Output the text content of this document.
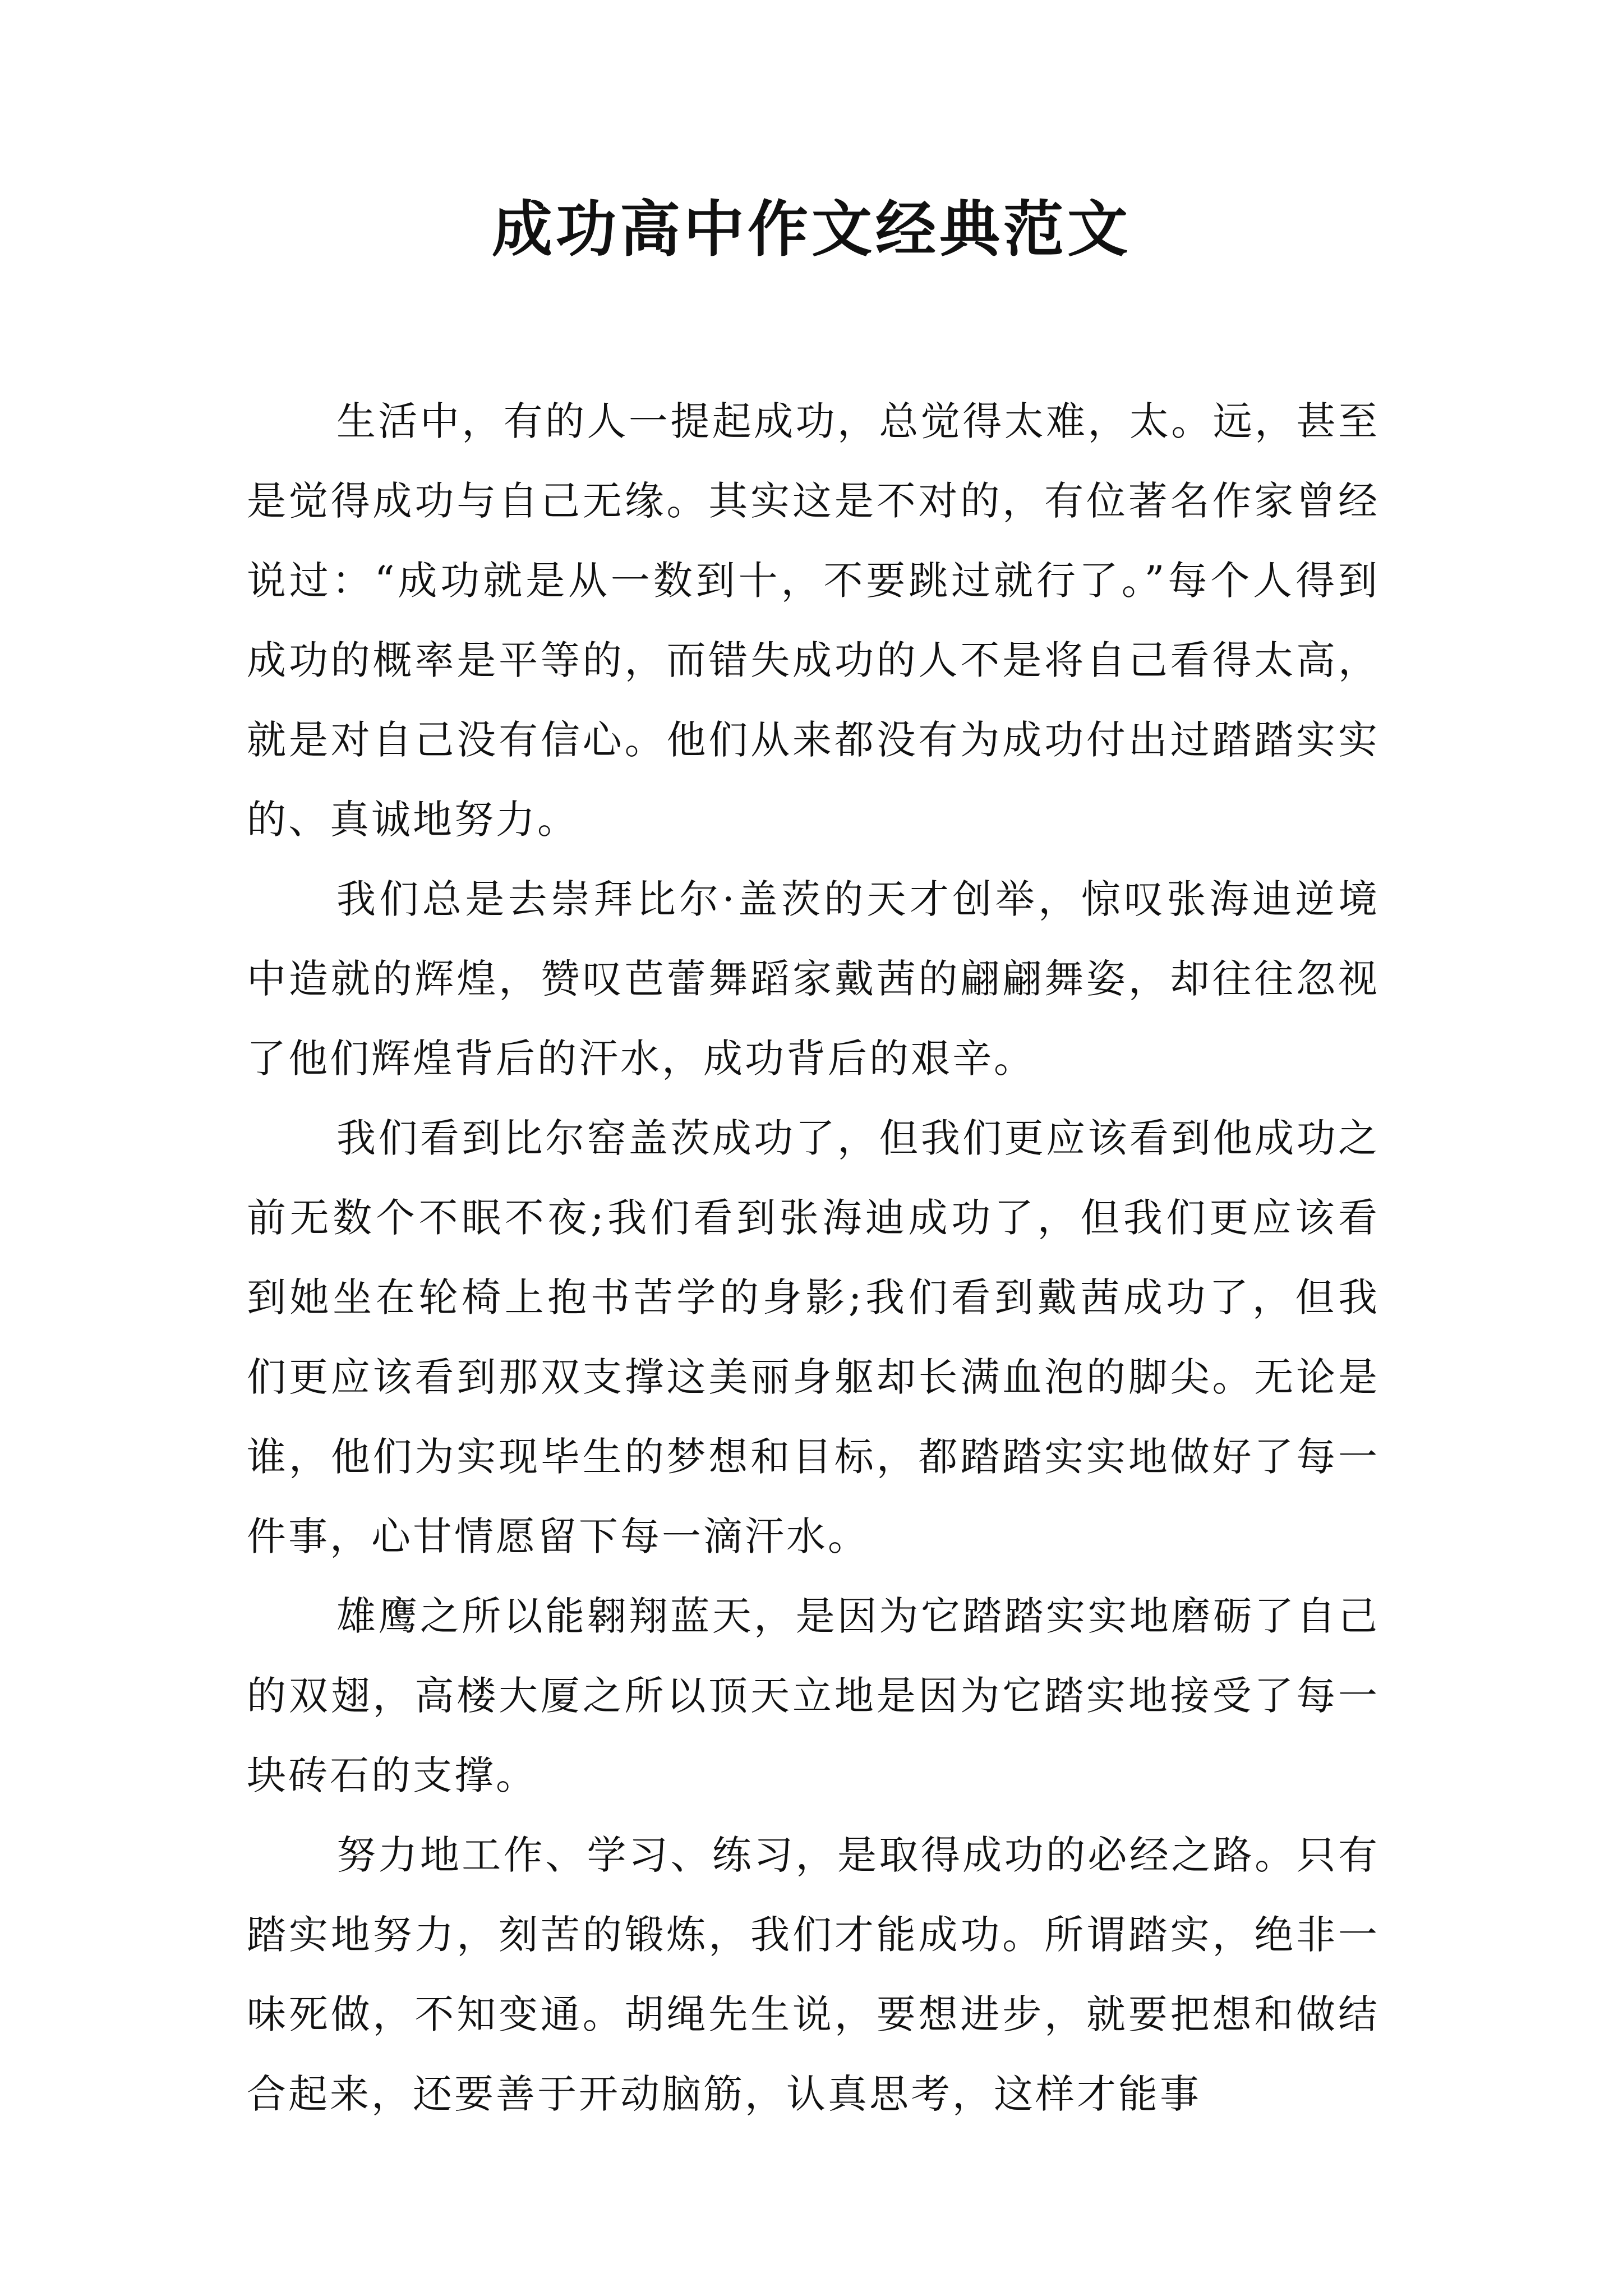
成功高中作文经典范文

生活中，有的人一提起成功，总觉得太难，太。远，甚至是觉得成功与自己无缘。其实这是不对的，有位著名作家曾经说过：“成功就是从一数到十，不要跳过就行了。”每个人得到成功的概率是平等的，而错失成功的人不是将自己看得太高，就是对自己没有信心。他们从来都没有为成功付出过踏踏实实的、真诚地努力。

我们总是去崇拜比尔·盖茨的天才创举，惊叹张海迪逆境中造就的辉煌，赞叹芭蕾舞蹈家戴茜的翩翩舞姿，却往往忽视了他们辉煌背后的汗水，成功背后的艰辛。

我们看到比尔窑盖茨成功了，但我们更应该看到他成功之前无数个不眠不夜;我们看到张海迪成功了，但我们更应该看到她坐在轮椅上抱书苦学的身影;我们看到戴茜成功了，但我们更应该看到那双支撑这美丽身躯却长满血泡的脚尖。无论是谁，他们为实现毕生的梦想和目标，都踏踏实实地做好了每一件事，心甘情愿留下每一滴汗水。

雄鹰之所以能翱翔蓝天，是因为它踏踏实实地磨砺了自己的双翅，高楼大厦之所以顶天立地是因为它踏实地接受了每一块砖石的支撑。

努力地工作、学习、练习，是取得成功的必经之路。只有踏实地努力，刻苦的锻炼，我们才能成功。所谓踏实，绝非一味死做，不知变通。胡绳先生说，要想进步，就要把想和做结合起来，还要善于开动脑筋，认真思考，这样才能事
